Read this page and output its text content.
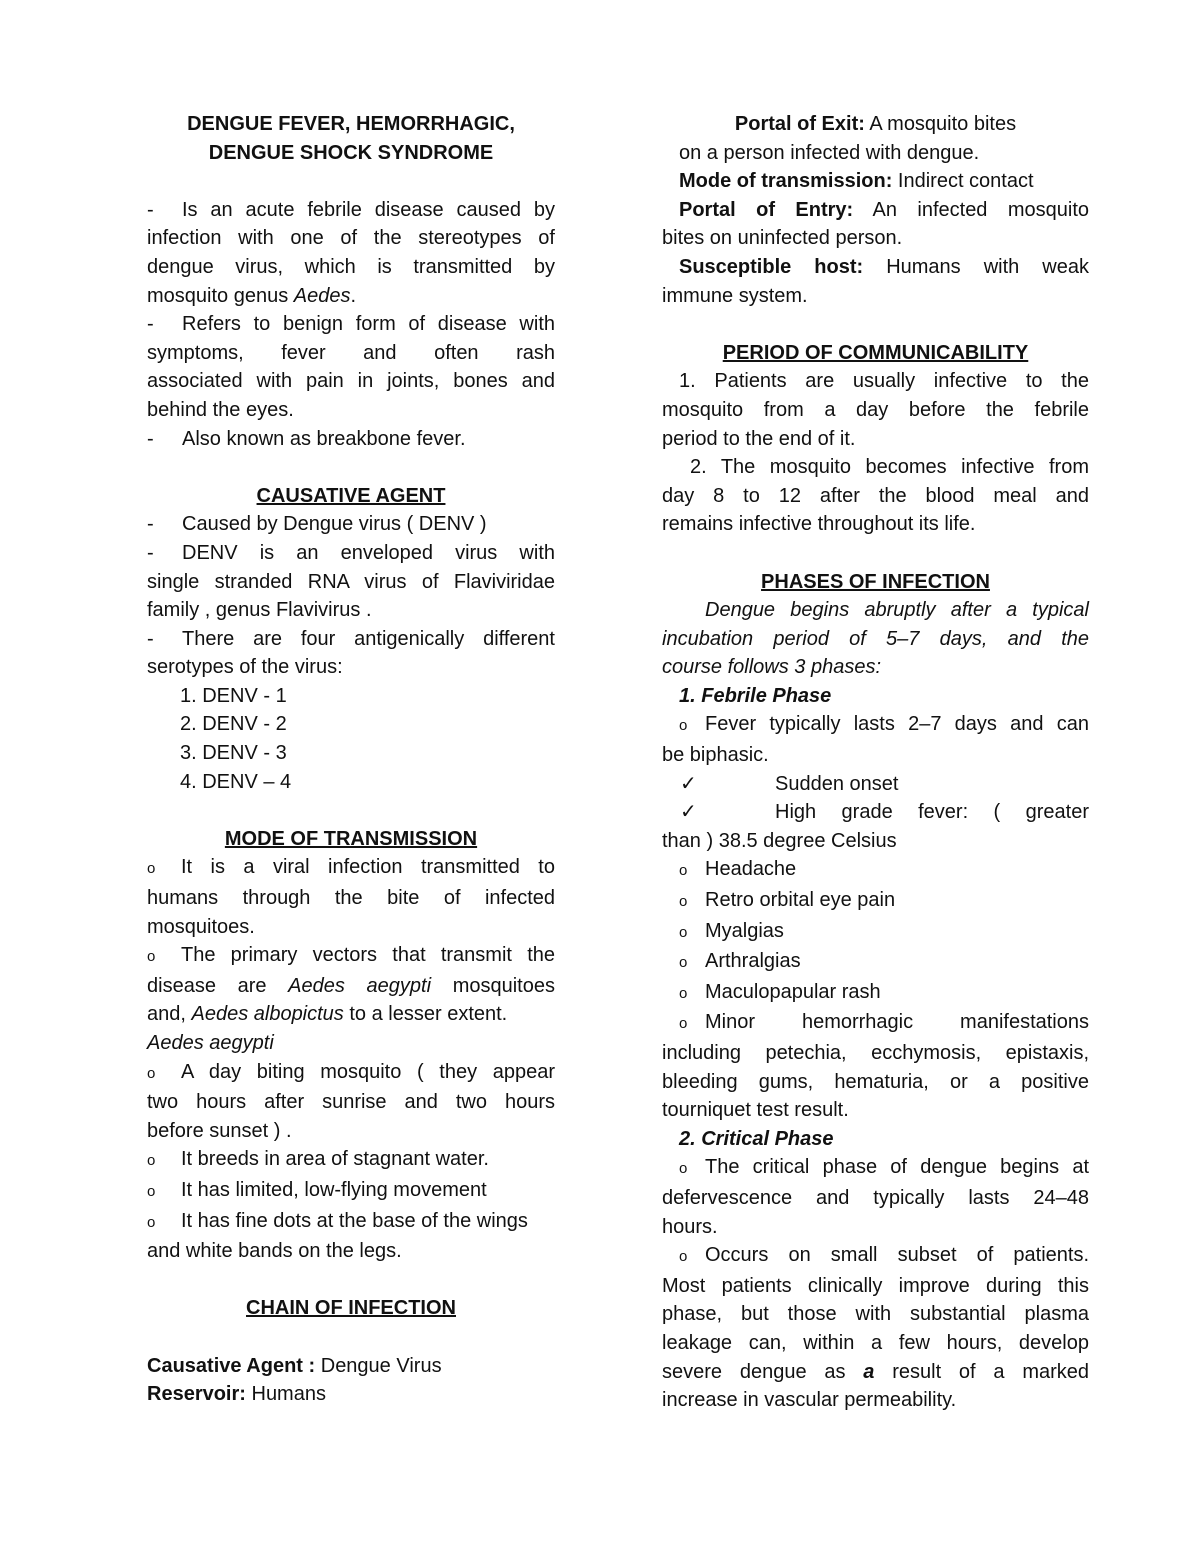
DENGUE FEVER, HEMORRHAGIC,

DENGUE SHOCK SYNDROME

- Is an acute febrile disease caused by

infection with one of the stereotypes of

dengue virus, which is transmitted by

mosquito genus Aedes.

- Refers to benign form of disease with

symptoms, fever and often rash

associated with pain in joints, bones and

behind the eyes.

- Also known as breakbone fever.

CAUSATIVE AGENT

- Caused by Dengue virus ( DENV )

- DENV is an enveloped virus with

single stranded RNA virus of Flaviviridae

family , genus Flavivirus .

- There are four antigenically different

serotypes of the virus:

1. DENV - 1

2. DENV - 2

3. DENV - 3

4. DENV – 4

MODE OF TRANSMISSION

o It is a viral infection transmitted to

humans through the bite of infected

mosquitoes.

o The primary vectors that transmit the

disease are Aedes aegypti mosquitoes

and, Aedes albopictus to a lesser extent.

Aedes aegypti

o A day biting mosquito ( they appear

two hours after sunrise and two hours

before sunset ) .

o It breeds in area of stagnant water.

o It has limited, low-flying movement

o It has fine dots at the base of the wings

and white bands on the legs.

CHAIN OF INFECTION

Causative Agent : Dengue Virus

Reservoir: Humans

Portal of Exit: A mosquito bites

on a person infected with dengue.

Mode of transmission: Indirect contact

Portal of Entry: An infected mosquito

bites on uninfected person.

Susceptible host: Humans with weak

immune system.

PERIOD OF COMMUNICABILITY

1. Patients are usually infective to the

mosquito from a day before the febrile

period to the end of it.

2. The mosquito becomes infective from

day 8 to 12 after the blood meal and

remains infective throughout its life.

PHASES OF INFECTION

Dengue begins abruptly after a typical

incubation period of 5–7 days, and the

course follows 3 phases:

1. Febrile Phase

o Fever typically lasts 2–7 days and can

be biphasic.

✓	Sudden onset

✓	High grade fever: ( greater

than ) 38.5 degree Celsius

o Headache

o Retro orbital eye pain

o Myalgias

o Arthralgias

o Maculopapular rash

o Minor hemorrhagic manifestations

including petechia, ecchymosis, epistaxis,

bleeding gums, hematuria, or a positive

tourniquet test result.

2. Critical Phase

o The critical phase of dengue begins at

defervescence and typically lasts 24–48

hours.

o Occurs on small subset of patients.

Most patients clinically improve during this

phase, but those with substantial plasma

leakage can, within a few hours, develop

severe dengue as a result of a marked

increase in vascular permeability.
